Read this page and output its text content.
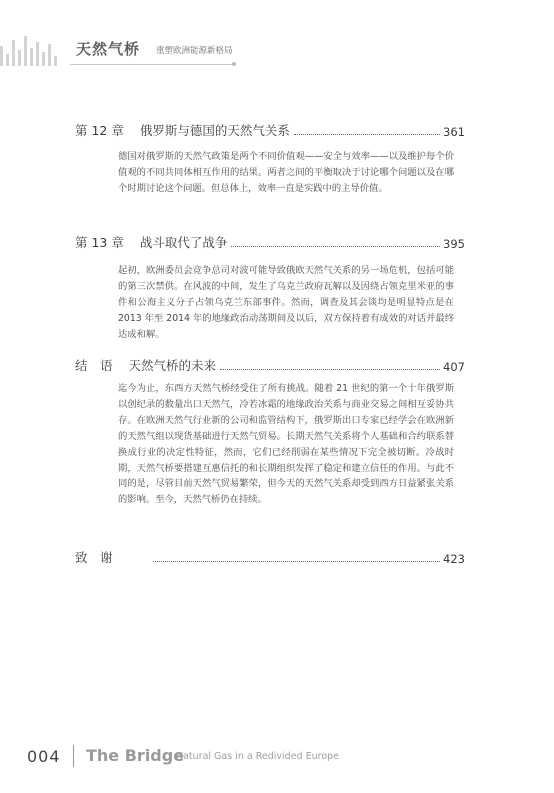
天然气桥 重塑欧洲能源新格局
第 12 章 俄罗斯与德国的天然气关系	361

德国对俄罗斯的天然气政策是两个不同价值观——安全与效率——以及维护每个价值观的不同共同体相互作用的结果。两者之间的平衡取决于讨论哪个问题以及在哪个时期讨论这个问题。但总体上，效率一直是实践中的主导价值。

第 13 章 战斗取代了战争	395

起初，欧洲委员会竞争总司对波可能导致俄欧天然气关系的另一场危机，包括可能的第三次禁供。在风波的中间，发生了乌克兰政府瓦解以及因绕占领克里米亚的事件和公海主义分子占领乌克兰东部事件。然而，调查及其会谈均是明显特点是在 2013 年至 2014 年的地缘政治动荡期间及以后，双方保持着有成效的对话并最终达成和解。

结　语 天然气桥的未来	407

迄今为止，东西方天然气桥经受住了所有挑战。随着 21 世纪的第一个十年俄罗斯以创纪录的数量出口天然气，冷若冰霜的地缘政治关系与商业交易之间相互妥协共存。在欧洲天然气行业新的公司和监管结构下，俄罗斯出口专家已经学会在欧洲新的天然气组以现货基础进行天然气贸易。长期天然气关系将个人基础和合约联系替换成行业的决定性特征，然而，它们已经削弱在某些情况下完全被切断。冷战时期，天然气桥要搭建互惠信托的和长期组织发挥了稳定和建立信任的作用。与此不同的是，尽管目前天然气贸易繁荣，但今天的天然气关系却受到西方日益紧张关系的影响。至今，天然气桥仍在持续。

致　谢	423
004 The Bridge
Natural Gas in a Redivided Europe
